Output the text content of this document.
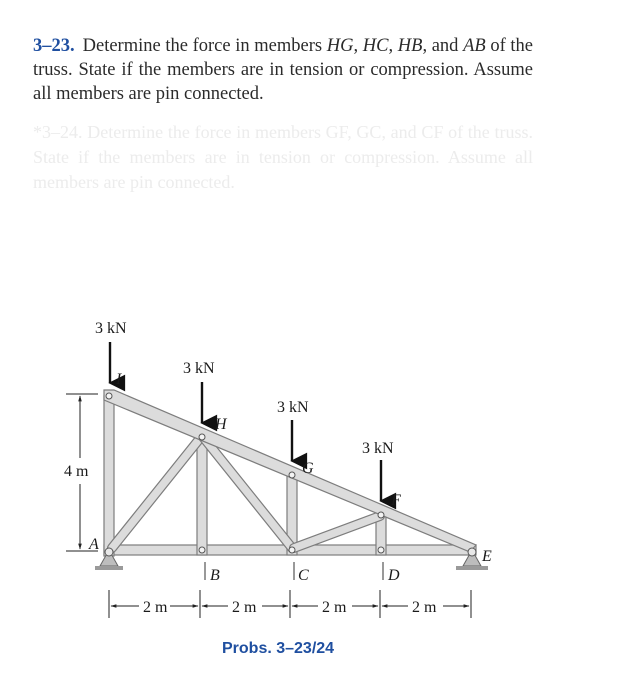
3–23. Determine the force in members HG, HC, HB, and AB of the truss. State if the members are in tension or compression. Assume all members are pin connected.

*3–24. Determine the force in members GF, GC, and CF of the truss. State if the members are in tension or compression. Assume all members are pin connected.

3 kN
3 kN
3 kN
3 kN
I
H
G
F
E
A
B	C	D
4 m
2 m	2 m	2 m	2 m
Probs. 3–23/24
